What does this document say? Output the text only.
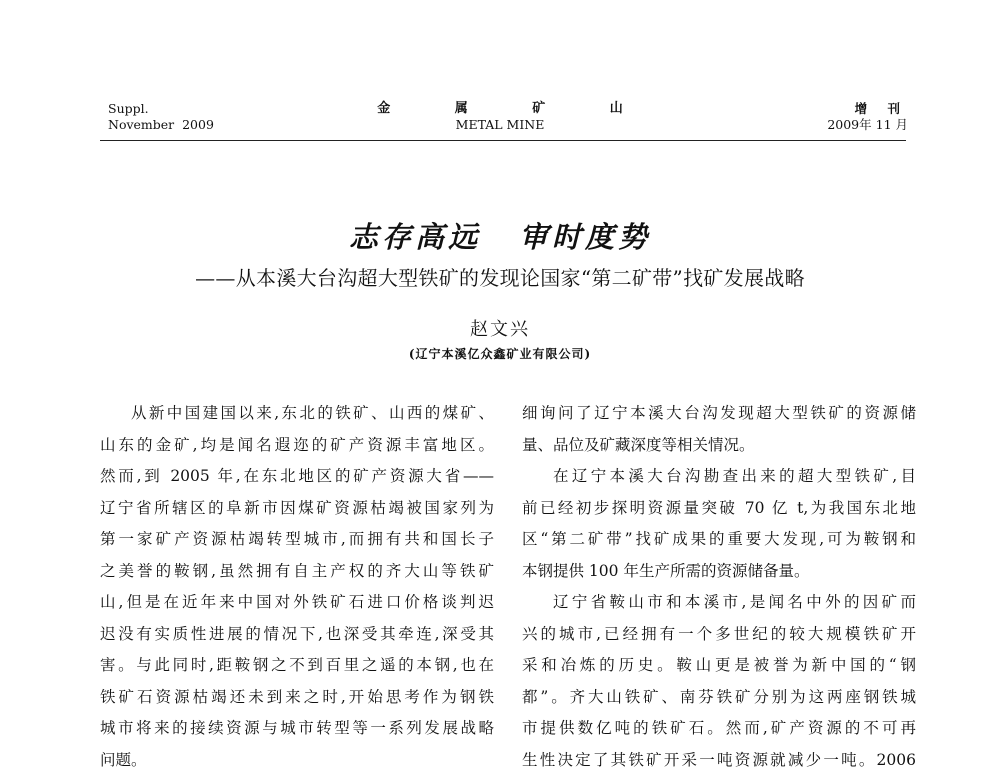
Suppl.
November  2009
金 属 矿 山
METAL MINE
增 刊
2009年 11 月
志存高远 审时度势
——从本溪大台沟超大型铁矿的发现论国家“第二矿带”找矿发展战略
赵文兴
(辽宁本溪亿众鑫矿业有限公司)

从新中国建国以来,东北的铁矿、山西的煤矿、

山东的金矿,均是闻名遐迩的矿产资源丰富地区。

然而,到 2005 年,在东北地区的矿产资源大省——

辽宁省所辖区的阜新市因煤矿资源枯竭被国家列为

第一家矿产资源枯竭转型城市,而拥有共和国长子

之美誉的鞍钢,虽然拥有自主产权的齐大山等铁矿

山,但是在近年来中国对外铁矿石进口价格谈判迟

迟没有实质性进展的情况下,也深受其牵连,深受其

害。与此同时,距鞍钢之不到百里之遥的本钢,也在

铁矿石资源枯竭还未到来之时,开始思考作为钢铁

城市将来的接续资源与城市转型等一系列发展战略

问题。

细询问了辽宁本溪大台沟发现超大型铁矿的资源储

量、品位及矿藏深度等相关情况。

在辽宁本溪大台沟勘查出来的超大型铁矿,目

前已经初步探明资源量突破 70 亿 t,为我国东北地

区“第二矿带”找矿成果的重要大发现,可为鞍钢和

本钢提供 100 年生产所需的资源储备量。

辽宁省鞍山市和本溪市,是闻名中外的因矿而

兴的城市,已经拥有一个多世纪的较大规模铁矿开

采和冶炼的历史。鞍山更是被誉为新中国的“钢

都”。齐大山铁矿、南芬铁矿分别为这两座钢铁城

市提供数亿吨的铁矿石。然而,矿产资源的不可再

生性决定了其铁矿开采一吨资源就减少一吨。2006
